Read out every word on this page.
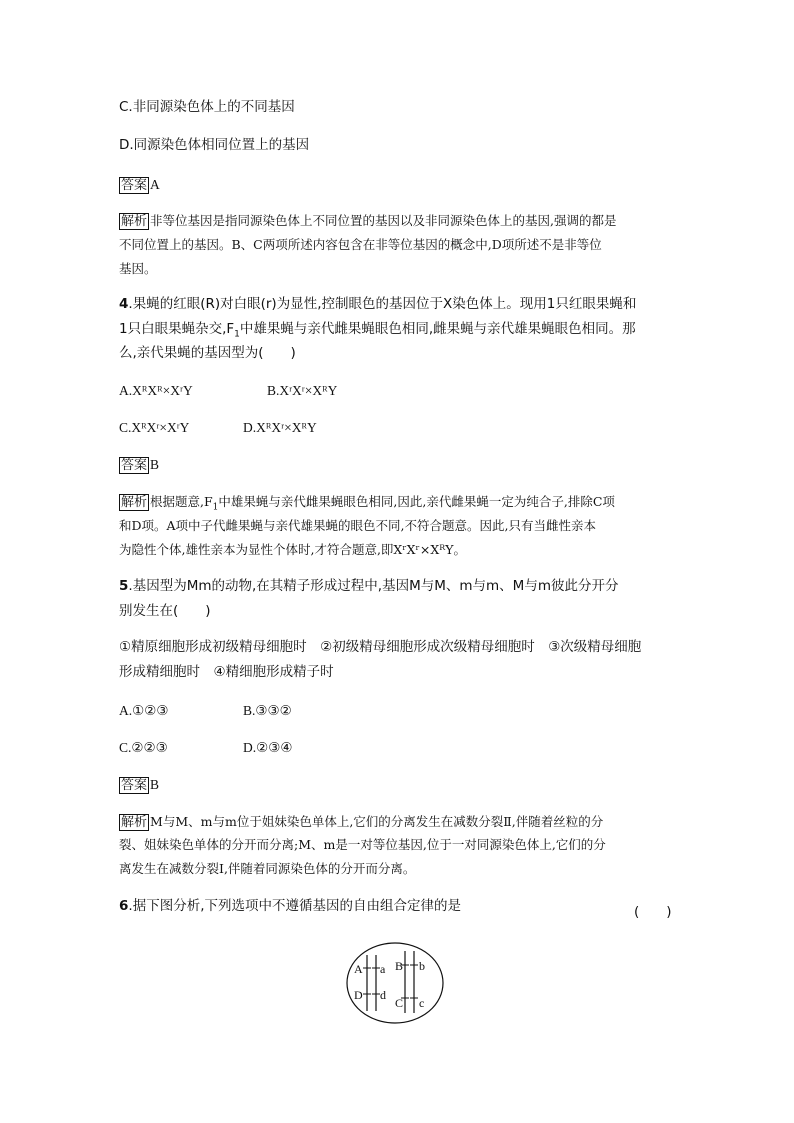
C.非同源染色体上的不同基因
D.同源染色体相同位置上的基因
答案 A
解析 非等位基因是指同源染色体上不同位置的基因以及非同源染色体上的基因,强调的都是
不同位置上的基因。B、C两项所述内容包含在非等位基因的概念中,D项所述不是非等位
基因。
4.果蝇的红眼(R)对白眼(r)为显性,控制眼色的基因位于X染色体上。现用1只红眼果蝇和
1只白眼果蝇杂交$,F_1$中雄果蝇与亲代雌果蝇眼色相同,雌果蝇与亲代雄果蝇眼色相同。那
么,亲代果蝇的基因型为(　　)
A.XᴿXᴿ×XʳY	B.XʳXʳ×XᴿY
C.XᴿXʳ×XʳY	D.XᴿXʳ×XᴿY
答案 B
解析 根据题意$,F_1$中雄果蝇与亲代雌果蝇眼色相同,因此,亲代雌果蝇一定为纯合子,排除C项
和D项。A项中子代雌果蝇与亲代雄果蝇的眼色不同,不符合题意。因此,只有当雌性亲本
为隐性个体,雄性亲本为显性个体时,才符合题意,即XʳXʳ×XᴿY。
5.基因型为Mm的动物,在其精子形成过程中,基因M与M、m与m、M与m彼此分开分
别发生在(　　)
①精原细胞形成初级精母细胞时　②初级精母细胞形成次级精母细胞时　③次级精母细胞
形成精细胞时　④精细胞形成精子时
A.①②③	B.③③②
C.②②③	D.②③④
答案 B
解析 M与M、m与m位于姐妹染色单体上,它们的分离发生在减数分裂Ⅱ,伴随着丝粒的分
裂、姐妹染色单体的分开而分离;M、m是一对等位基因,位于一对同源染色体上,它们的分
离发生在减数分裂Ⅰ,伴随着同源染色体的分开而分离。
6.据下图分析,下列选项中不遵循基因的自由组合定律的是	(　　)
A a
D d
B b
C c
